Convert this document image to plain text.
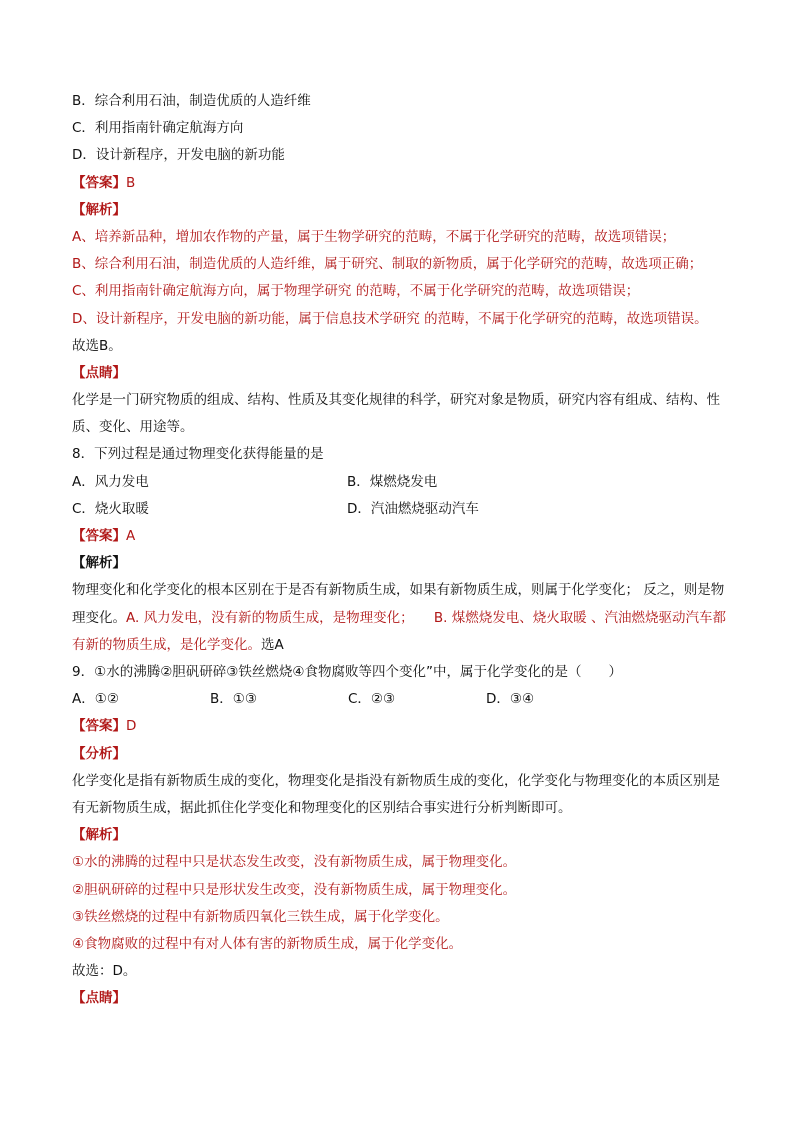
B．综合利用石油，制造优质的人造纤维
C．利用指南针确定航海方向
D．设计新程序，开发电脑的新功能
【答案】B
【解析】
A、培养新品种，增加农作物的产量，属于生物学研究的范畴，不属于化学研究的范畴，故选项错误；
B、综合利用石油，制造优质的人造纤维，属于研究、制取的新物质，属于化学研究的范畴，故选项正确；
C、利用指南针确定航海方向，属于物理学研究 的范畴，不属于化学研究的范畴，故选项错误；
D、设计新程序，开发电脑的新功能，属于信息技术学研究 的范畴，不属于化学研究的范畴，故选项错误。
故选B。
【点睛】
化学是一门研究物质的组成、结构、性质及其变化规律的科学，研究对象是物质，研究内容有组成、结构、性质、变化、用途等。
8．下列过程是通过物理变化获得能量的是
A．风力发电	B．煤燃烧发电
C．烧火取暖	D．汽油燃烧驱动汽车
【答案】A
【解析】
物理变化和化学变化的根本区别在于是否有新物质生成，如果有新物质生成，则属于化学变化； 反之，则是物理变化。A. 风力发电，没有新的物质生成，是物理变化；　　 B. 煤燃烧发电、烧火取暖 、汽油燃烧驱动汽车都有新的物质生成，是化学变化。选A
9．①水的沸腾②胆矾研碎③铁丝燃烧④食物腐败等四个变化”中，属于化学变化的是（　　）
A．①②	B．①③	C．②③	D．③④
【答案】D
【分析】
化学变化是指有新物质生成的变化，物理变化是指没有新物质生成的变化，化学变化与物理变化的本质区别是有无新物质生成，据此抓住化学变化和物理变化的区别结合事实进行分析判断即可。
【解析】
①水的沸腾的过程中只是状态发生改变，没有新物质生成，属于物理变化。
②胆矾研碎的过程中只是形状发生改变，没有新物质生成，属于物理变化。
③铁丝燃烧的过程中有新物质四氧化三铁生成，属于化学变化。
④食物腐败的过程中有对人体有害的新物质生成，属于化学变化。
故选：D。
【点睛】
